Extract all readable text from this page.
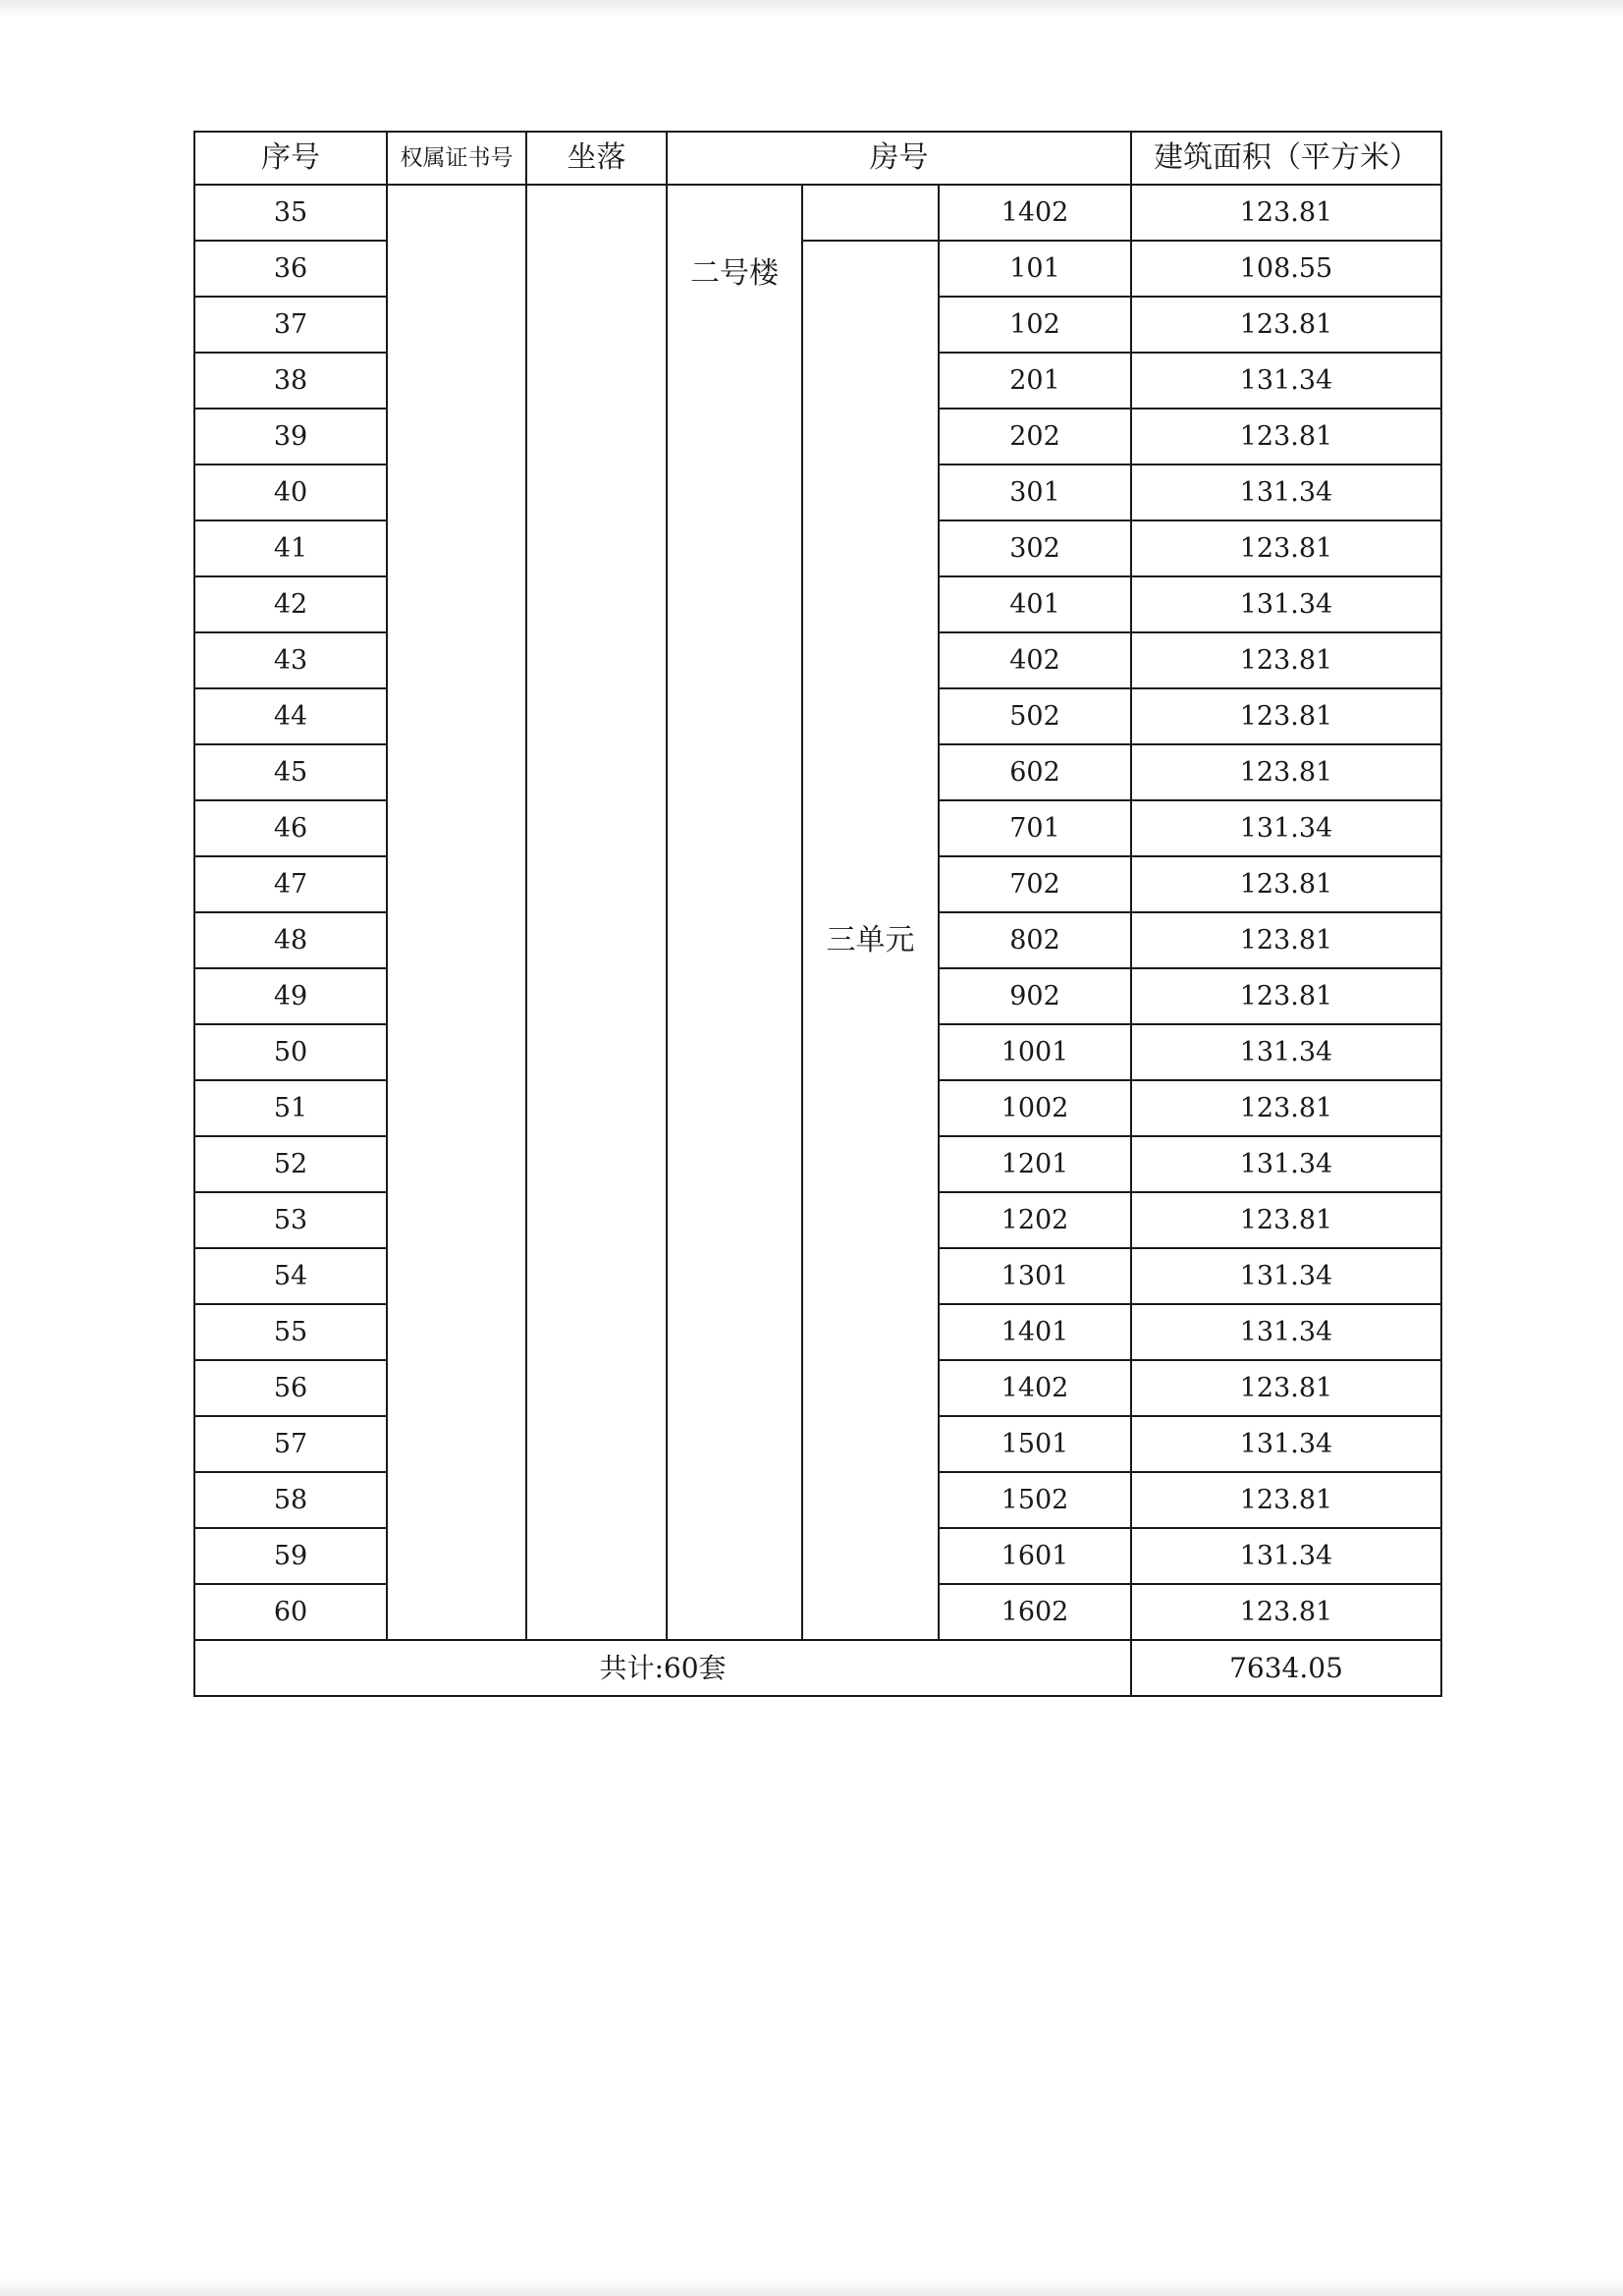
序号	权属证书号	坐落	房号			建筑面积（平方米）
35			二号楼		1402	123.81
36				三单元	101	108.55
37					102	123.81
38					201	131.34
39					202	123.81
40					301	131.34
41					302	123.81
42					401	131.34
43					402	123.81
44					502	123.81
45					602	123.81
46					701	131.34
47					702	123.81
48					802	123.81
49					902	123.81
50					1001	131.34
51					1002	123.81
52					1201	131.34
53					1202	123.81
54					1301	131.34
55					1401	131.34
56					1402	123.81
57					1501	131.34
58					1502	123.81
59					1601	131.34
60					1602	123.81
共计:60套						7634.05
